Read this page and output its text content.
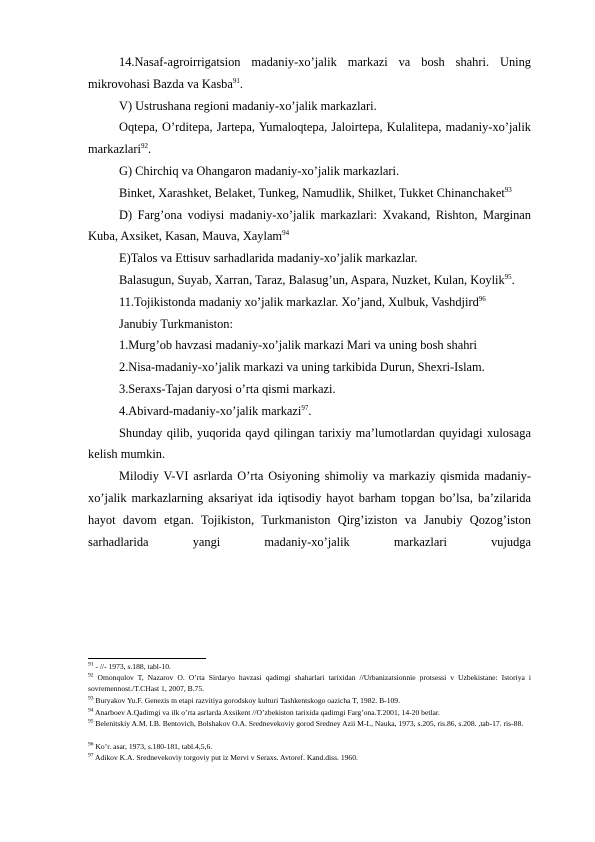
14.Nasaf-agroirrigatsion madaniy-xo’jalik markazi va bosh shahri. Uning mikrovohasi Bazda va Kasba$^{91}$.

V) Ustrushana regioni madaniy-xo’jalik markazlari.

Oqtepa, O’rditepa, Jartepa, Yumaloqtepa, Jaloirtepa, Kulalitepa, madaniy-xo’jalik markazlari$^{92}$.

G) Chirchiq va Ohangaron madaniy-xo’jalik markazlari.

Binket, Xarashket, Belaket, Tunkeg, Namudlik, Shilket, Tukket Chinanchaket$^{93}$

D) Farg’ona vodiysi madaniy-xo’jalik markazlari: Xvakand, Rishton, Marginan Kuba, Axsiket, Kasan, Mauva, Xaylam$^{94}$

E)Talos va Ettisuv sarhadlarida madaniy-xo’jalik markazlar.

Balasugun, Suyab, Xarran, Taraz, Balasug’un, Aspara, Nuzket, Kulan, Koylik$^{95}$.

11.Tojikistonda madaniy xo’jalik markazlar. Xo’jand, Xulbuk, Vashdjird$^{96}$

Janubiy Turkmaniston:

1.Murg’ob havzasi madaniy-xo’jalik markazi Mari va uning bosh shahri

2.Nisa-madaniy-xo’jalik markazi va uning tarkibida Durun, Shexri-Islam.

3.Seraxs-Tajan daryosi o’rta qismi markazi.

4.Abivard-madaniy-xo’jalik markazi$^{97}$.

Shunday qilib, yuqorida qayd qilingan tarixiy ma’lumotlardan quyidagi xulosaga kelish mumkin.

Milodiy V-VI asrlarda O’rta Osiyoning shimoliy va markaziy qismida madaniy-xo’jalik markazlarning aksariyat ida iqtisodiy hayot barham topgan bo’lsa, ba’zilarida hayot davom etgan. Tojikiston, Turkmaniston Qirg’iziston va Janubiy Qozog’iston sarhadlarida yangi madaniy-xo’jalik markazlari vujudga

$^{91}$ - //- 1973, s.188, tabl-10.
$^{92}$ Omonqulov T, Nazarov O. O’rta Sirdaryo havzasi qadimgi shaharlari tarixidan //Urbanizatsionnie protsessi v Uzbekistane: Istoriya i sovremennost./T.CHast 1, 2007, B.75.
$^{93}$ Buryakov Yu.F. Genezis m etapi razvitiya gorodskoy kulturi Tashkentskogo oazicha T, 1982. B-109.
$^{94}$ Anarboev A.Qadimgi va ilk o’rta asrlarda Axsikent //O’zbekiston tarixida qadimgi Farg’ona.T.2001, 14-20 betlar.
$^{95}$ Belenitskiy A.M. I.B. Bentovich, Bolshakov O.A. Srednevekoviy gorod Sredney Azii M-L, Nauka, 1973, s.205, ris.86, s.208. ,tab-17. ris-88.
$^{96}$ Ko’r. asar, 1973, s.180-181, tabl.4,5,6.
$^{97}$ Adikov K.A. Srednevekoviy torgoviy put iz Mervi v Seraxs. Avtoref. Kand.diss. 1960.
